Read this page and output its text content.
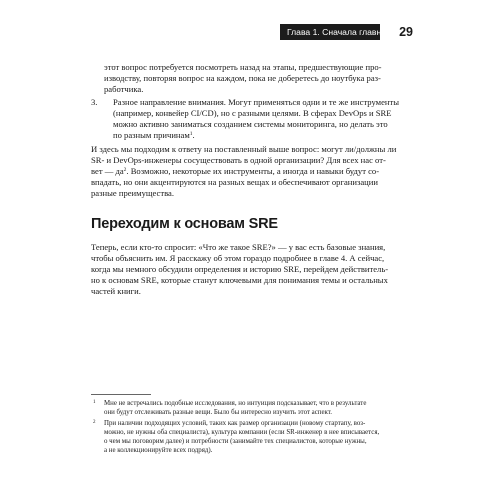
Глава 1. Сначала главное 29
этот вопрос потребуется посмотреть назад на этапы, предшествующие про-
изводству, повторяя вопрос на каждом, пока не доберетесь до ноутбука раз-
работчика.
3. Разное направление внимания. Могут применяться одни и те же инструменты
(например, конвейер CI/CD), но с разными целями. В сферах DevOps и SRE
можно активно заниматься созданием системы мониторинга, но делать это
по разным причинам$^1$.
И здесь мы подходим к ответу на поставленный выше вопрос: могут ли/должны ли
SR- и DevOps-инженеры сосуществовать в одной организации? Для всех нас от-
вет — $да^2$. Возможно, некоторые их инструменты, а иногда и навыки будут со-
впадать, но они акцентируются на разных вещах и обеспечивают организации
разные преимущества.
Переходим к основам SRE
Теперь, если кто-то спросит: «Что же такое SRE?» — у вас есть базовые знания,
чтобы объяснить им. Я расскажу об этом гораздо подробнее в главе 4. А сейчас,
когда мы немного обсудили определения и историю SRE, перейдем действитель-
но к основам SRE, которые станут ключевыми для понимания темы и остальных
частей книги.
1 Мне не встречались подобные исследования, но интуиция подсказывает, что в результате
они будут отслеживать разные вещи. Было бы интересно изучить этот аспект.
2 При наличии подходящих условий, таких как размер организации (новому стартапу, воз-
можно, не нужны оба специалиста), культура компании (если SR-инженер в нее вписывается,
о чем мы поговорим далее) и потребности (занимайте тех специалистов, которые нужны,
а не коллекционируйте всех подряд).
